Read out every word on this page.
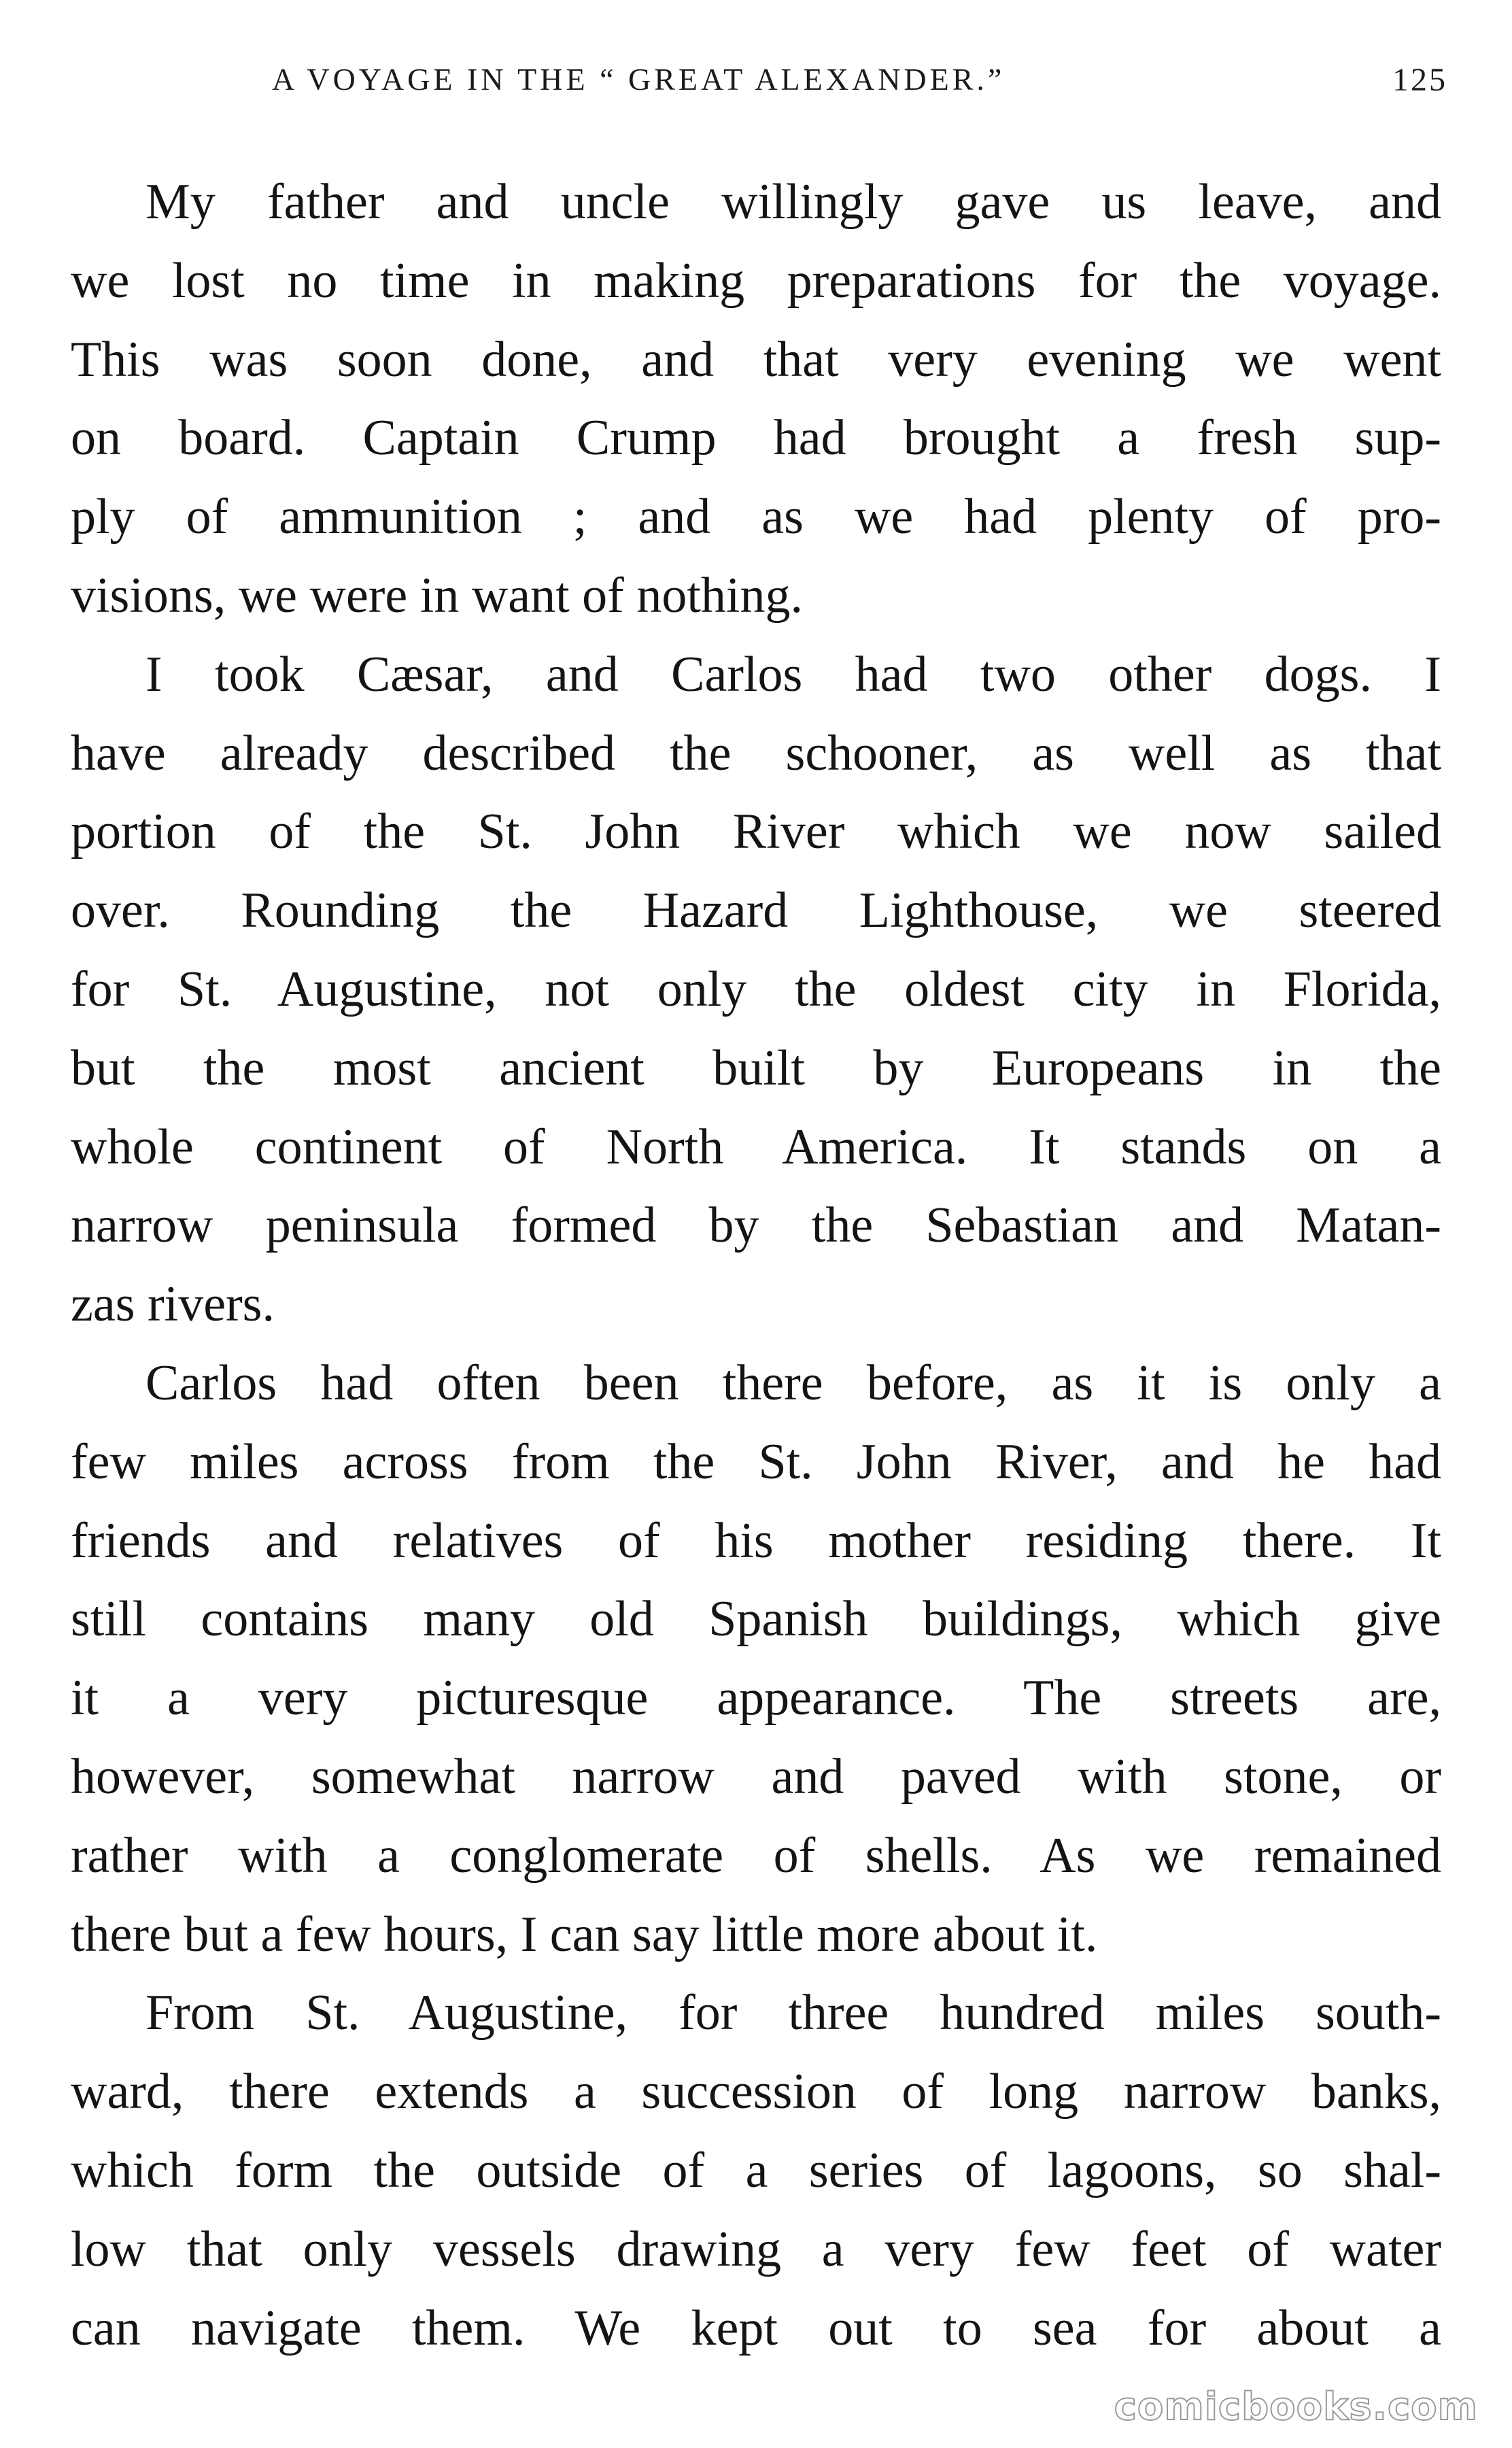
A VOYAGE IN THE “ GREAT ALEXANDER.”	125
My father and uncle willingly gave us leave, and
we lost no time in making preparations for the voyage.
This was soon done, and that very evening we went
on board. Captain Crump had brought a fresh sup-
ply of ammunition ; and as we had plenty of pro-
visions, we were in want of nothing.
I took Cæsar, and Carlos had two other dogs. I
have already described the schooner, as well as that
portion of the St. John River which we now sailed
over. Rounding the Hazard Lighthouse, we steered
for St. Augustine, not only the oldest city in Florida,
but the most ancient built by Europeans in the
whole continent of North America. It stands on a
narrow peninsula formed by the Sebastian and Matan-
zas rivers.
Carlos had often been there before, as it is only a
few miles across from the St. John River, and he had
friends and relatives of his mother residing there. It
still contains many old Spanish buildings, which give
it a very picturesque appearance. The streets are,
however, somewhat narrow and paved with stone, or
rather with a conglomerate of shells. As we remained
there but a few hours, I can say little more about it.
From St. Augustine, for three hundred miles south-
ward, there extends a succession of long narrow banks,
which form the outside of a series of lagoons, so shal-
low that only vessels drawing a very few feet of water
can navigate them. We kept out to sea for about a
comicbooks.com
